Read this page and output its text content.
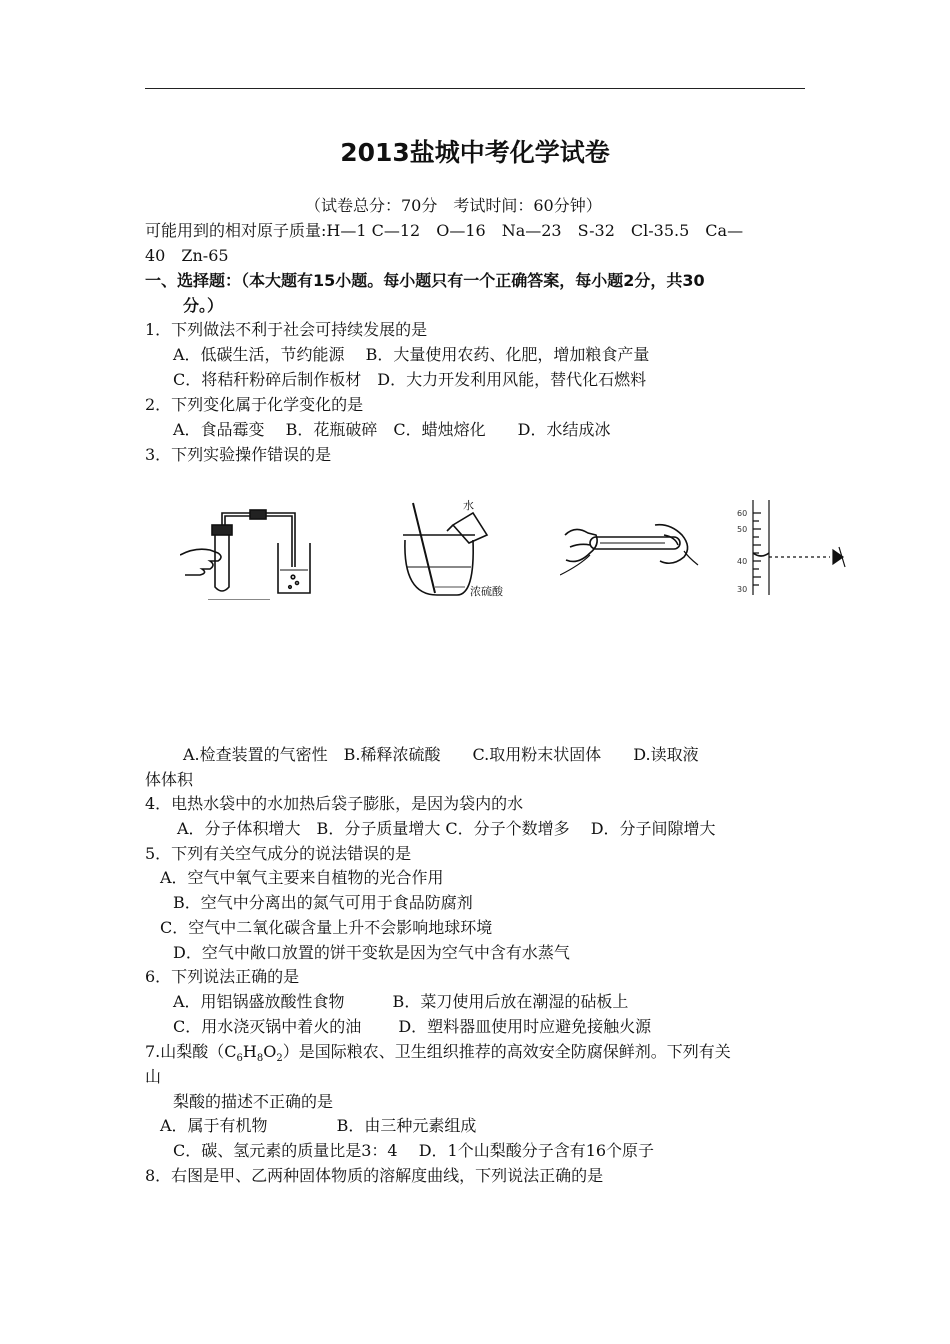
2013盐城中考化学试卷
（试卷总分：70分　考试时间：60分钟）
可能用到的相对原子质量:H—1 C—12　O—16　Na—23　S-32　Cl-35.5　Ca—
40　Zn-65
一、选择题：（本大题有15小题。每小题只有一个正确答案，每小题2分，共30
分。）
1．下列做法不利于社会可持续发展的是
A．低碳生活，节约能源　 B．大量使用农药、化肥，增加粮食产量
C．将秸秆粉碎后制作板材　D．大力开发利用风能，替代化石燃料
2．下列变化属于化学变化的是
A．食品霉变　 B．花瓶破碎　C．蜡烛熔化　　D．水结成冰
3．下列实验操作错误的是
水
浓硫酸
60
50
40
30
A.检查装置的气密性　B.稀释浓硫酸　　C.取用粉末状固体　　D.读取液
体体积
4．电热水袋中的水加热后袋子膨胀，是因为袋内的水
A．分子体积增大　B．分子质量增大 C．分子个数增多　 D．分子间隙增大
5．下列有关空气成分的说法错误的是
A．空气中氧气主要来自植物的光合作用
B．空气中分离出的氮气可用于食品防腐剂
C．空气中二氧化碳含量上升不会影响地球环境
D．空气中敞口放置的饼干变软是因为空气中含有水蒸气
6．下列说法正确的是
A．用铝锅盛放酸性食物　　　B．菜刀使用后放在潮湿的砧板上
C．用水浇灭锅中着火的油　　 D．塑料器皿使用时应避免接触火源
7.山梨酸$(C_6H_8O_2)$是国际粮农、卫生组织推荐的高效安全防腐保鲜剂。下列有关
山
梨酸的描述不正确的是
A．属于有机物　　　　 B．由三种元素组成
C．碳、氢元素的质量比是3：4　 D．1个山梨酸分子含有16个原子
8．右图是甲、乙两种固体物质的溶解度曲线，下列说法正确的是
